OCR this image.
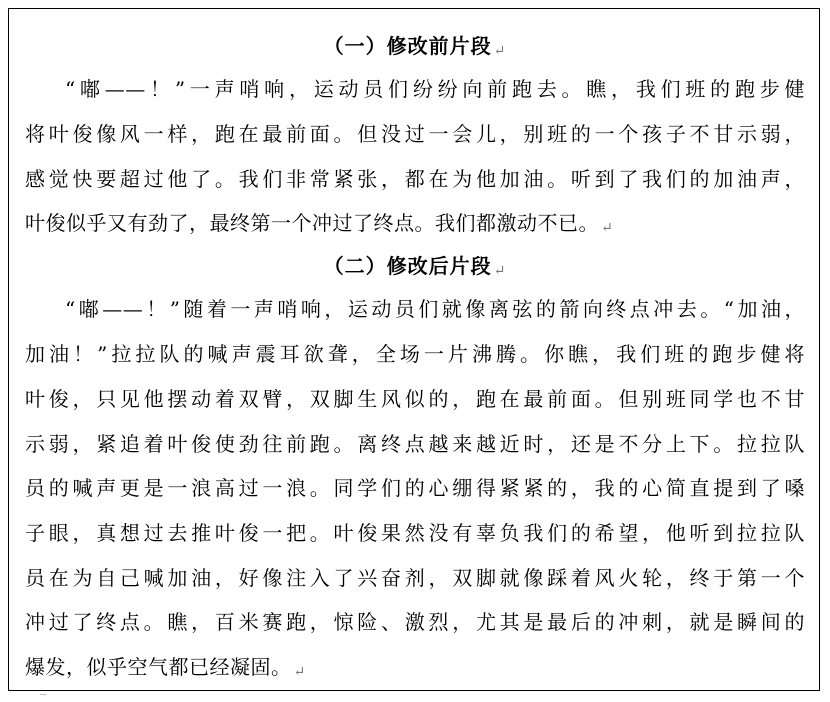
（一）修改前片段 ↵
“嘟——！”一声哨响，运动员们纷纷向前跑去。瞧，我们班的跑步健
将叶俊像风一样，跑在最前面。但没过一会儿，别班的一个孩子不甘示弱，
感觉快要超过他了。我们非常紧张，都在为他加油。听到了我们的加油声，
叶俊似乎又有劲了，最终第一个冲过了终点。我们都激动不已。 ↵
（二）修改后片段 ↵
“嘟——！”随着一声哨响，运动员们就像离弦的箭向终点冲去。“加油，
加油！”拉拉队的喊声震耳欲聋，全场一片沸腾。你瞧，我们班的跑步健将
叶俊，只见他摆动着双臂，双脚生风似的，跑在最前面。但别班同学也不甘
示弱，紧追着叶俊使劲往前跑。离终点越来越近时，还是不分上下。拉拉队
员的喊声更是一浪高过一浪。同学们的心绷得紧紧的，我的心简直提到了嗓
子眼，真想过去推叶俊一把。叶俊果然没有辜负我们的希望，他听到拉拉队
员在为自己喊加油，好像注入了兴奋剂，双脚就像踩着风火轮，终于第一个
冲过了终点。瞧，百米赛跑，惊险、激烈，尤其是最后的冲刺，就是瞬间的
爆发，似乎空气都已经凝固。 ↵
